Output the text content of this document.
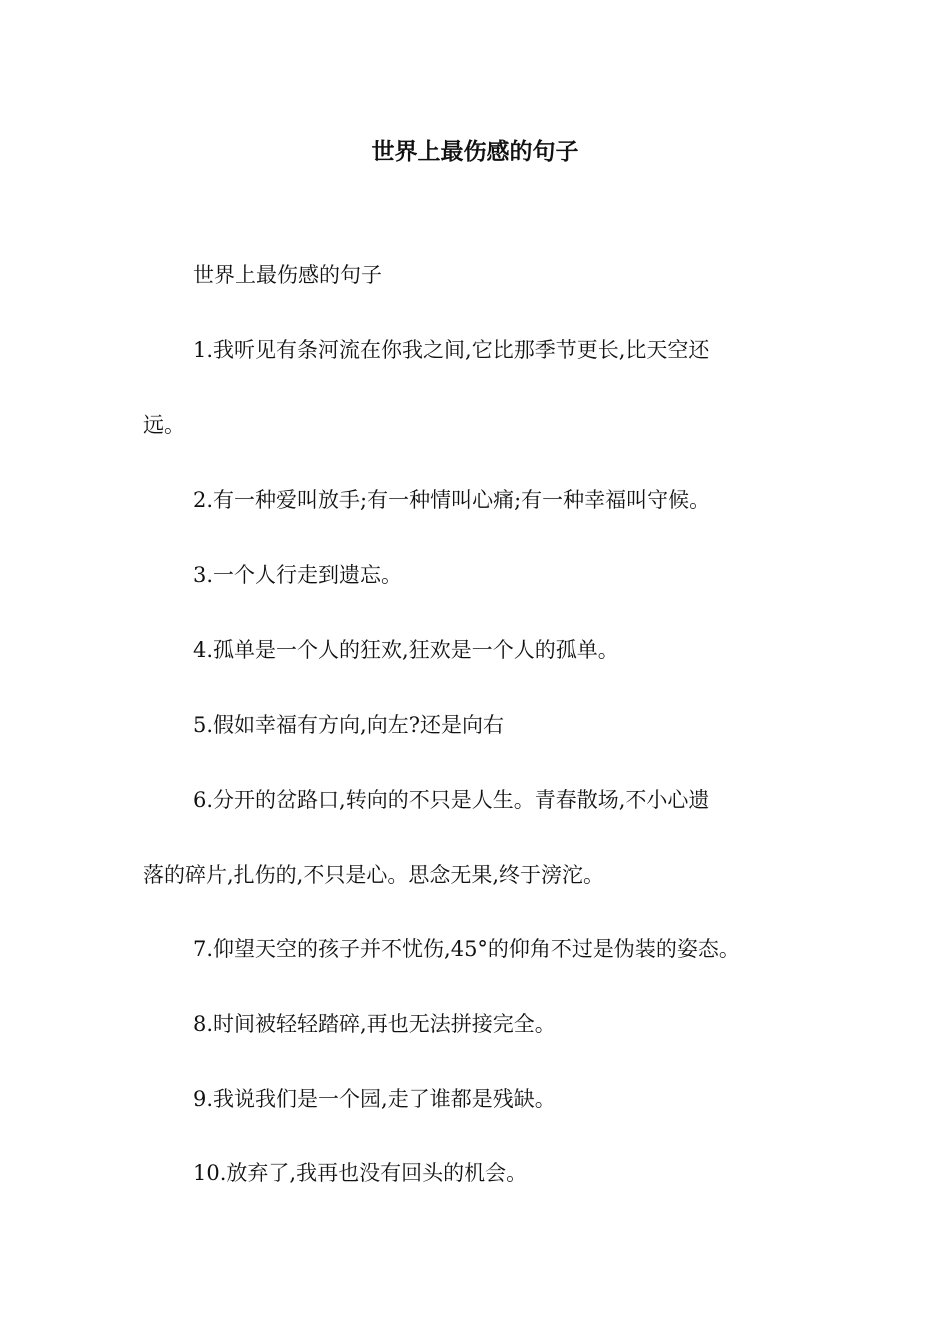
世界上最伤感的句子

世界上最伤感的句子

1.我听见有条河流在你我之间,它比那季节更长,比天空还

远。

2.有一种爱叫放手;有一种情叫心痛;有一种幸福叫守候。

3.一个人行走到遗忘。

4.孤单是一个人的狂欢,狂欢是一个人的孤单。

5.假如幸福有方向,向左?还是向右

6.分开的岔路口,转向的不只是人生。青春散场,不小心遗

落的碎片,扎伤的,不只是心。思念无果,终于滂沱。

7.仰望天空的孩子并不忧伤,45°的仰角不过是伪装的姿态。

8.时间被轻轻踏碎,再也无法拼接完全。

9.我说我们是一个园,走了谁都是残缺。

10.放弃了,我再也没有回头的机会。
